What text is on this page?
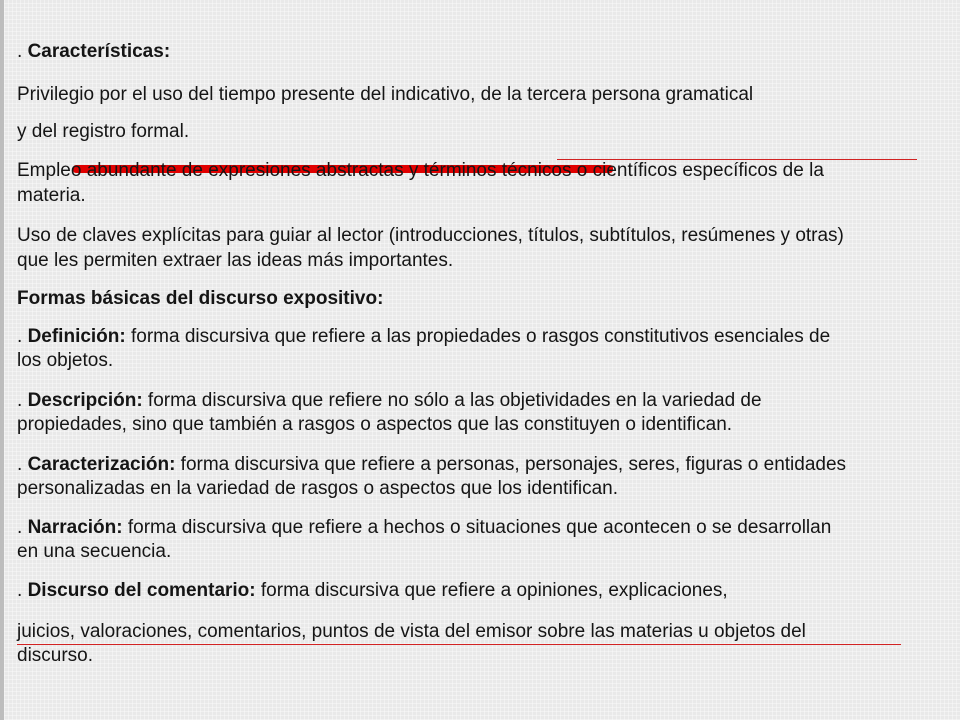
. Características:
Privilegio por el uso del tiempo presente del indicativo, de la tercera persona gramatical
y del registro formal.
Empleo abundante de expresiones abstractas y términos técnicos o científicos específicos de la
materia.
Uso de claves explícitas para guiar al lector (introducciones, títulos, subtítulos, resúmenes y otras)
que les permiten extraer las ideas más importantes.
Formas básicas del discurso expositivo:
. Definición: forma discursiva que refiere a las propiedades o rasgos constitutivos esenciales de
los objetos.
. Descripción: forma discursiva que refiere no sólo a las objetividades en la variedad de
propiedades, sino que también a rasgos o aspectos que las constituyen o identifican.
. Caracterización: forma discursiva que refiere a personas, personajes, seres, figuras o entidades
personalizadas en la variedad de rasgos o aspectos que los identifican.
. Narración: forma discursiva que refiere a hechos o situaciones que acontecen o se desarrollan
en una secuencia.
. Discurso del comentario: forma discursiva que refiere a opiniones, explicaciones,
juicios, valoraciones, comentarios, puntos de vista del emisor sobre las materias u objetos del
discurso.
